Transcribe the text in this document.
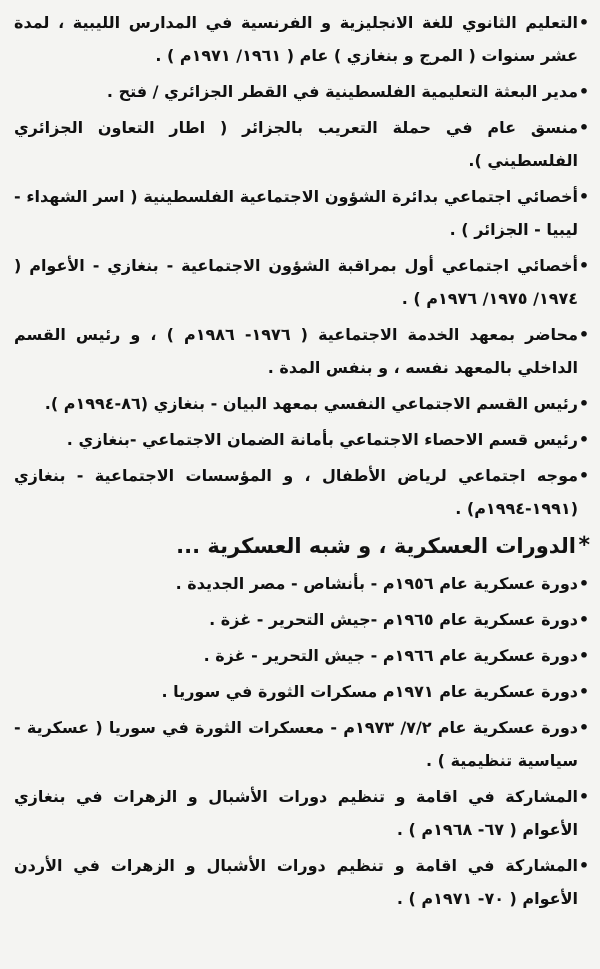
•
التعليم الثانوي للغة الانجليزية و الفرنسية في المدارس الليبية ، لمدة عشر سنوات ( المرج و بنغازي ) عام ( ١٩٦١/ ١٩٧١م ) .
•
مدير البعثة التعليمية الفلسطينية في القطر الجزائري / فتح .
•
منسق عام في حملة التعريب بالجزائر ( اطار التعاون الجزائري الفلسطيني ).
•
أخصائي اجتماعي بدائرة الشؤون الاجتماعية الفلسطينية ( اسر الشهداء - ليبيا - الجزائر ) .
•
أخصائي اجتماعي أول بمراقبة الشؤون الاجتماعية - بنغازي - الأعوام ( ١٩٧٤/ ١٩٧٥/ ١٩٧٦م ) .
•
محاضر بمعهد الخدمة الاجتماعية ( ١٩٧٦- ١٩٨٦م ) ، و رئيس القسم الداخلي بالمعهد نفسه ، و بنفس المدة .
•
رئيس القسم الاجتماعي النفسي بمعهد البيان - بنغازي (٨٦-١٩٩٤م ).
•
رئيس قسم الاحصاء الاجتماعي بأمانة الضمان الاجتماعي -بنغازي .
•
موجه اجتماعي لرياض الأطفال ، و المؤسسات الاجتماعية - بنغازي (١٩٩١-١٩٩٤م) .
*
الدورات العسكرية ، و شبه العسكرية ...
•
دورة عسكرية عام ١٩٥٦م - بأنشاص - مصر الجديدة .
•
دورة عسكرية عام ١٩٦٥م -جيش التحرير - غزة .
•
دورة عسكرية عام ١٩٦٦م - جيش التحرير - غزة .
•
دورة عسكرية عام ١٩٧١م مسكرات الثورة في سوريا .
•
دورة عسكرية عام ٧/٢/ ١٩٧٣م - معسكرات الثورة في سوريا ( عسكرية - سياسية تنظيمية ) .
•
المشاركة في اقامة و تنظيم دورات الأشبال و الزهرات في بنغازي الأعوام ( ٦٧- ١٩٦٨م ) .
•
المشاركة في اقامة و تنظيم دورات الأشبال و الزهرات في الأردن الأعوام ( ٧٠- ١٩٧١م ) .
